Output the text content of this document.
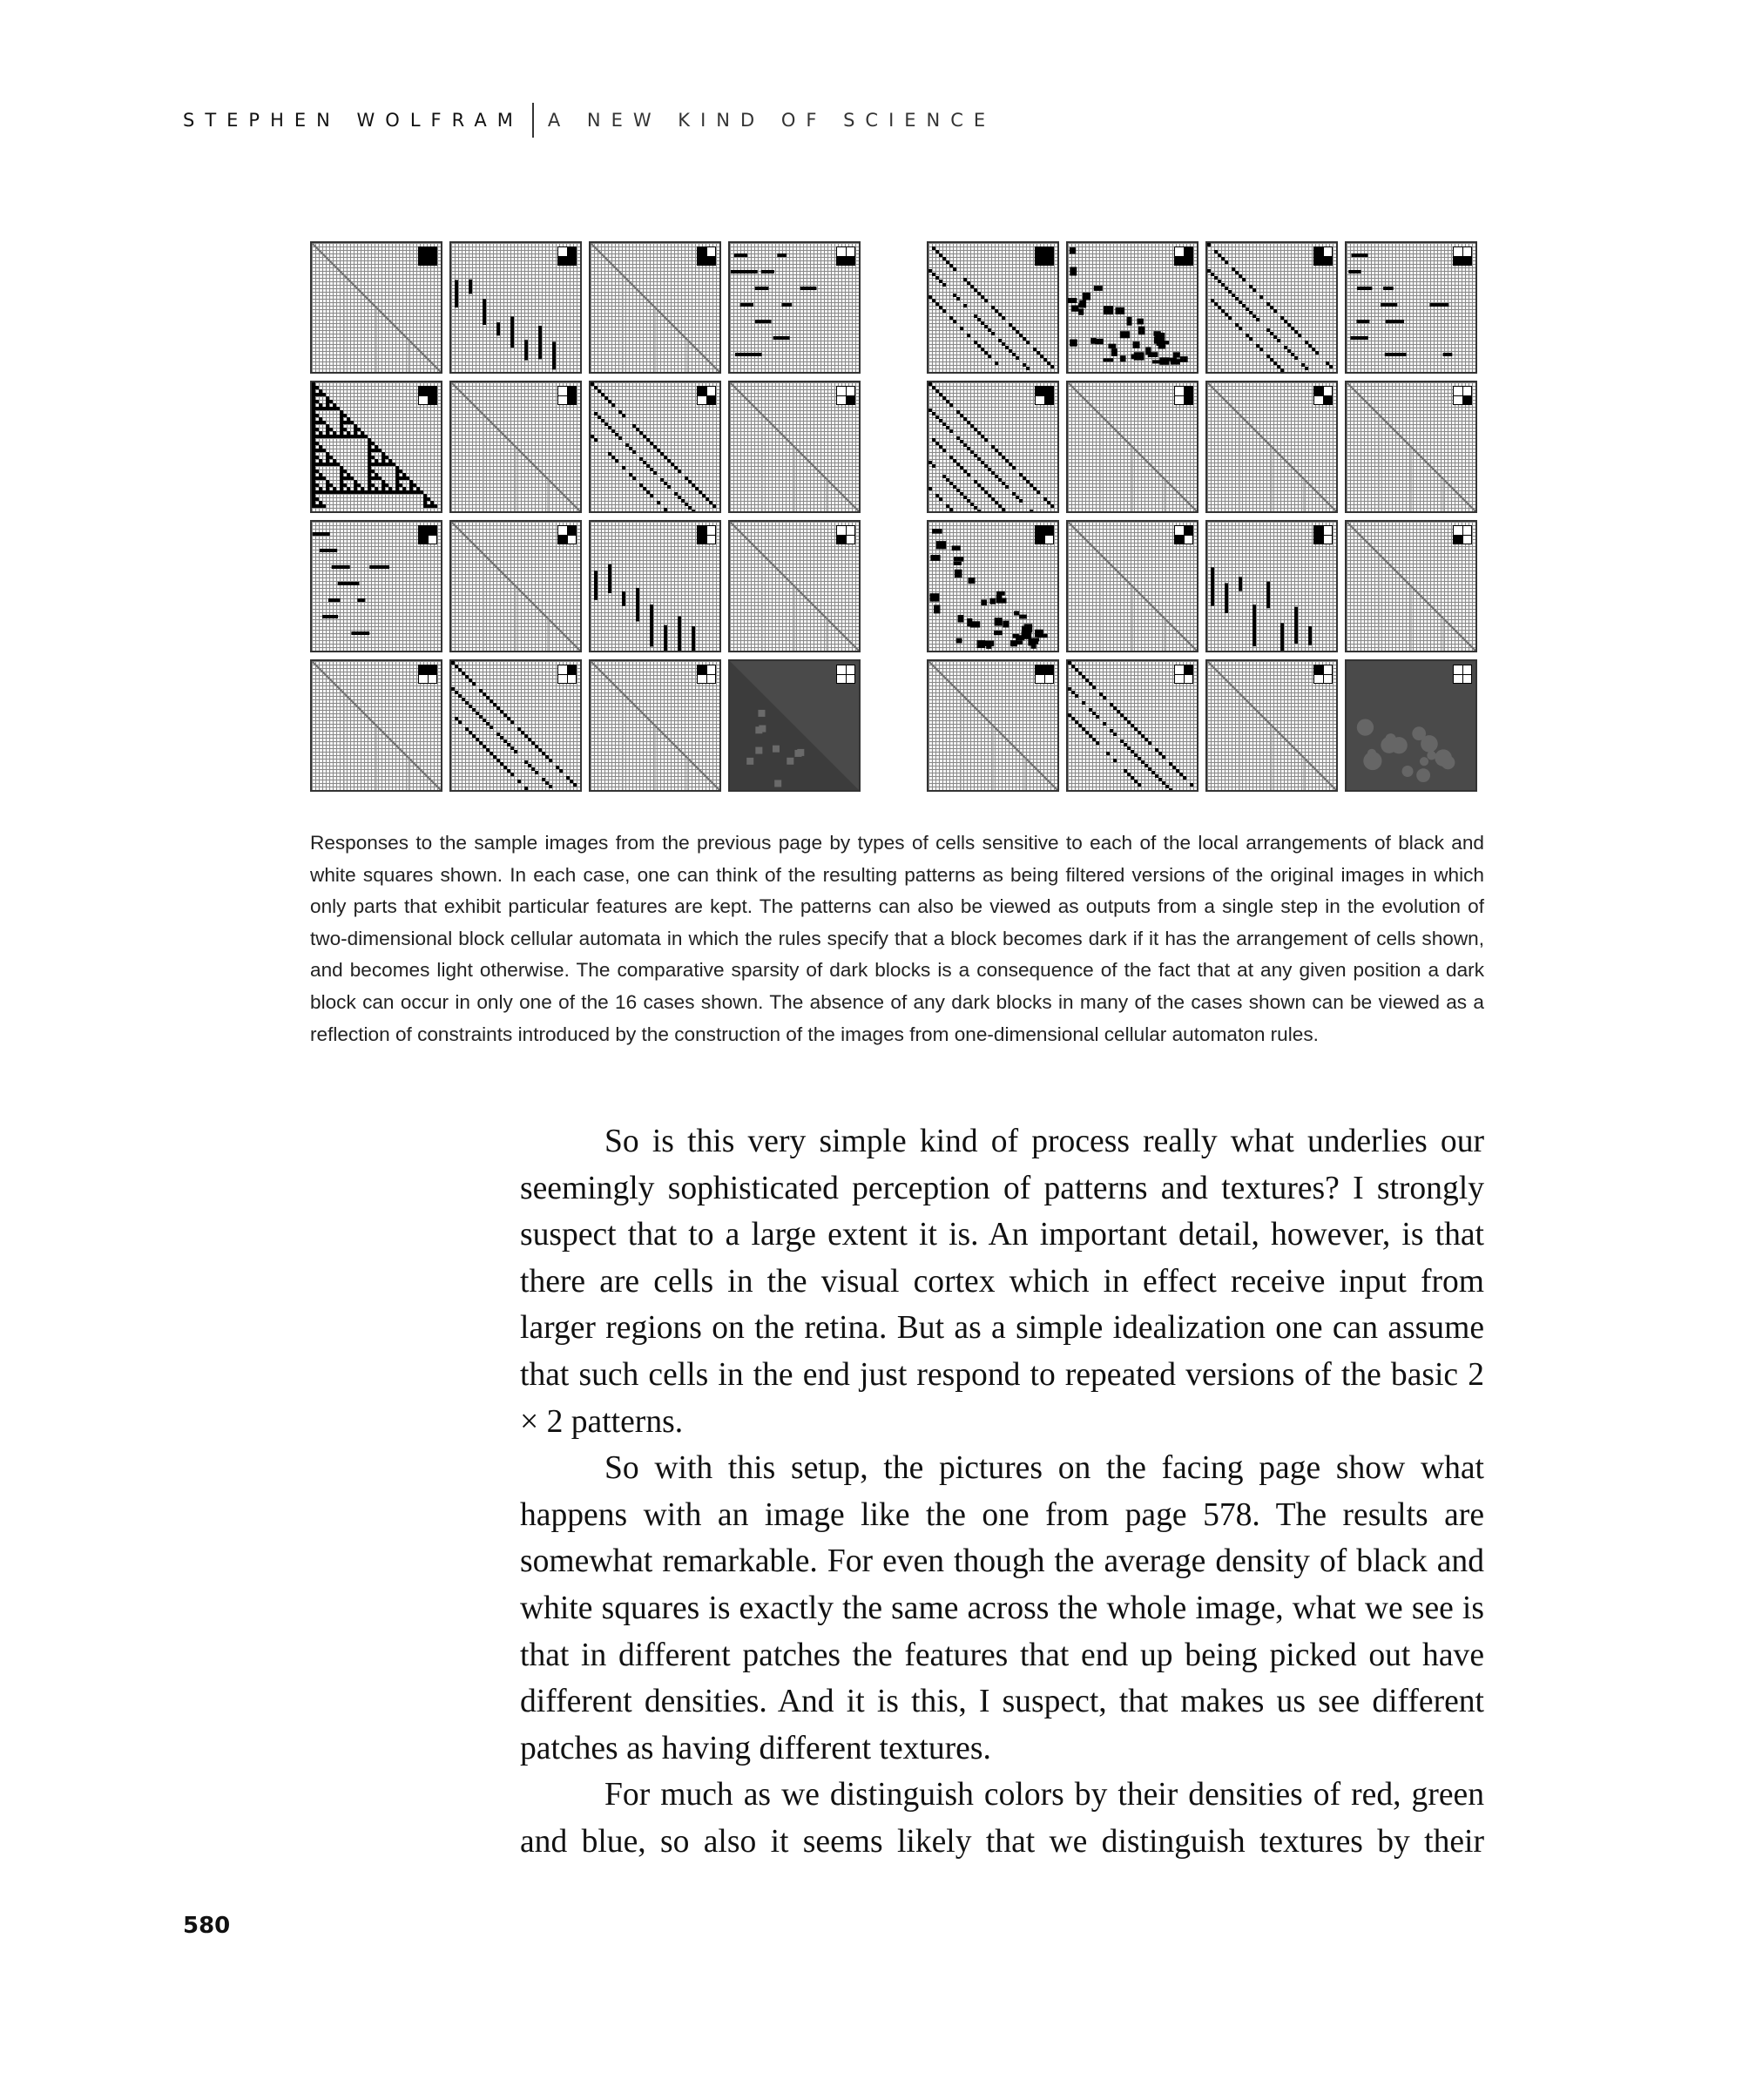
STEPHEN WOLFRAM A NEW KIND OF SCIENCE
Responses to the sample images from the previous page by types of cells sensitive to each of the local arrangements of black and white squares shown. In each case, one can think of the resulting patterns as being filtered versions of the original images in which only parts that exhibit particular features are kept. The patterns can also be viewed as outputs from a single step in the evolution of two-dimensional block cellular automata in which the rules specify that a block becomes dark if it has the arrangement of cells shown, and becomes light otherwise. The comparative sparsity of dark blocks is a consequence of the fact that at any given position a dark block can occur in only one of the 16 cases shown. The absence of any dark blocks in many of the cases shown can be viewed as a reflection of constraints introduced by the construction of the images from one-dimensional cellular automaton rules.

So is this very simple kind of process really what underlies our seemingly sophisticated perception of patterns and textures? I strongly suspect that to a large extent it is. An important detail, however, is that there are cells in the visual cortex which in effect receive input from larger regions on the retina. But as a simple idealization one can assume that such cells in the end just respond to repeated versions of the basic 2 × 2 patterns.

So with this setup, the pictures on the facing page show what happens with an image like the one from page 578. The results are somewhat remarkable. For even though the average density of black and white squares is exactly the same across the whole image, what we see is that in different patches the features that end up being picked out have different densities. And it is this, I suspect, that makes us see different patches as having different textures.

For much as we distinguish colors by their densities of red, green and blue, so also it seems likely that we distinguish textures by their

580
